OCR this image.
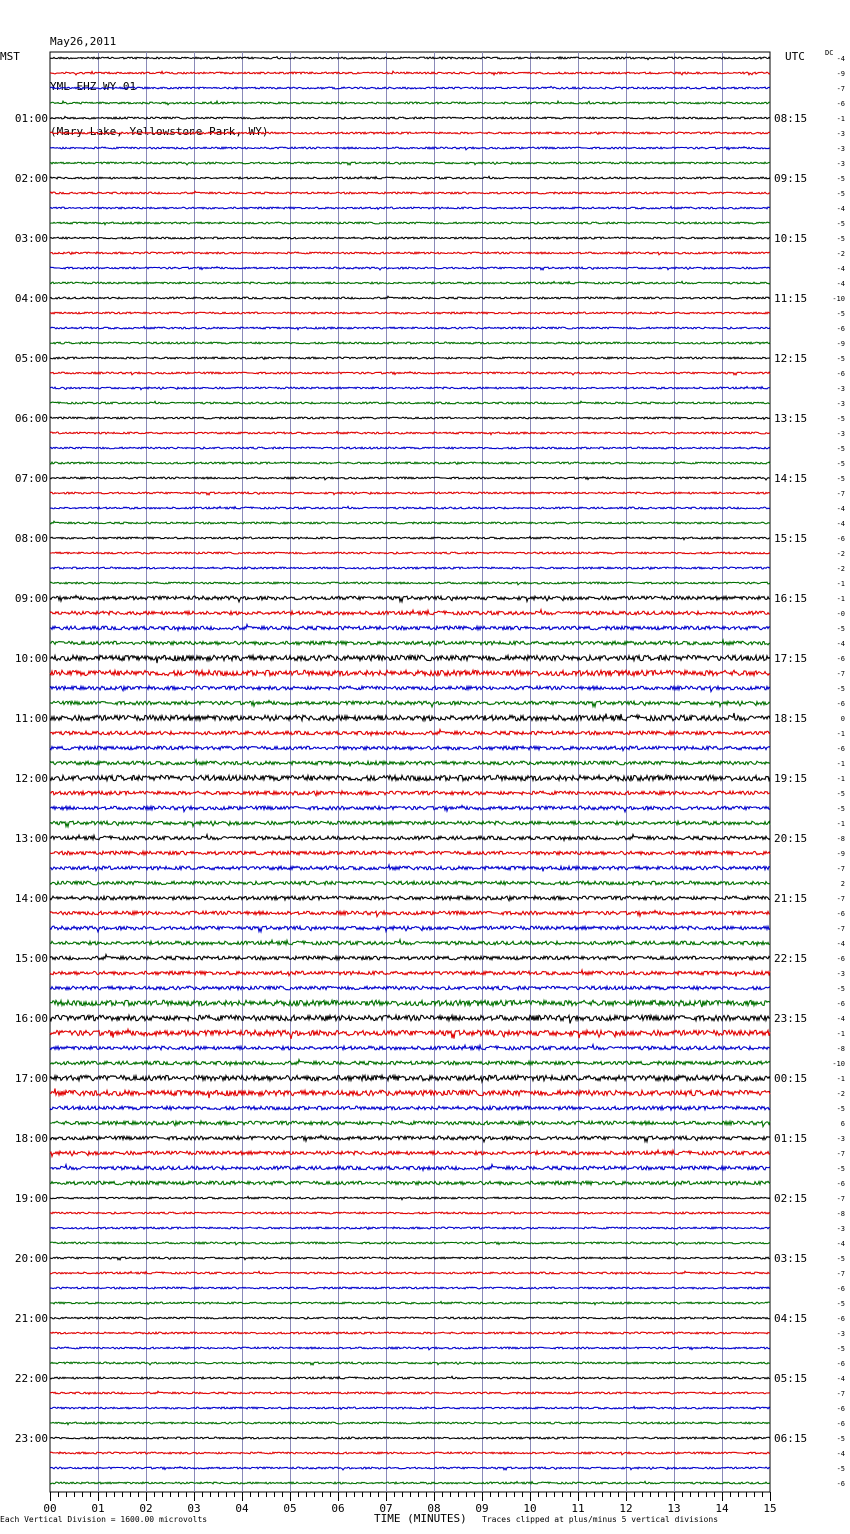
May26,2011

YML EHZ WY 01

(Mary Lake, Yellowstone Park, WY)

MST	UTC	DC
01:00
02:00
03:00
04:00
05:00
06:00
07:00
08:00
09:00
10:00
11:00
12:00
13:00
14:00
15:00
16:00
17:00
18:00
19:00
20:00
21:00
22:00
23:00
08:15
09:15
10:15
11:15
12:15
13:15
14:15
15:15
16:15
17:15
18:15
19:15
20:15
21:15
22:15
23:15
00:15
01:15
02:15
03:15
04:15
05:15
06:15
-4
-9
-7
-6
-1
-3
-3
-3
-5
-5
-4
-5
-5
-2
-4
-4
-10
-5
-6
-9
-5
-6
-3
-3
-5
-3
-5
-5
-5
-7
-4
-4
-6
-2
-2
-1
-1
-0
-5
-4
-6
-7
-5
-6
0
-1
-6
-1
-1
-5
-5
-1
-8
-9
-7
2
-7
-6
-7
-4
-6
-3
-5
-6
-4
-1
-8
-10
-1
-2
-5
6
-3
-7
-5
-6
-7
-8
-3
-4
-5
-7
-6
-5
-6
-3
-5
-6
-4
-7
-6
-6
-5
-4
-5
-6
00	01	02	03	04	05	06	07	08	09	10	11	12	13	14	15
Each Vertical Division = 1600.00 microvolts	TIME (MINUTES) Traces clipped at plus/minus 5 vertical divisions
